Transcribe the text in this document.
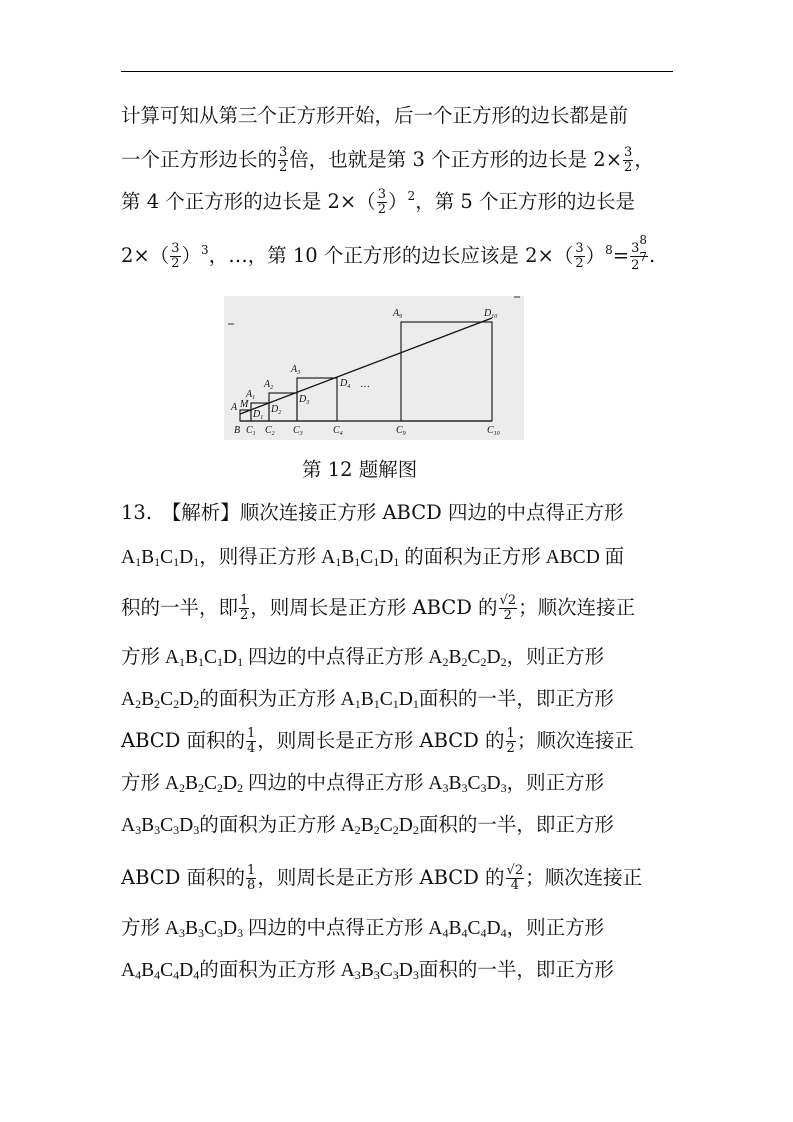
计算可知从第三个正方形开始，后一个正方形的边长都是前
一个正方形边长的 $\frac{3}{2}$ 倍，也就是第 3 个正方形的边长是 $2\times \frac{3}{2}$ ，
第 4 个正方形的边长是 $2\times( \frac{3}{2} )^2$，第 5 个正方形的边长是
$2\times( \frac{3}{2} )^3$，…，第 10 个正方形的边长应该是 $2\times( \frac{3}{2} )^8= \frac{3^8}{2^7}$ .
A M
B
$A_1$
$A_2$
$A_3$
$A_9$
$D_1$
$D_2$
$D_3$
$D_4$ …
$D_{10}$
$C_1$ $C_2$ $C_3$	$C_4$	$C_9$	$C_{10}$
第 12 题解图
13.　【解析】顺次连接正方形 ABCD 四边的中点得正方形
$A_1B_1C_1D_1$，则得正方形 $A_1B_1C_1D_1$ 的面积为正方形 ABCD 面
积的一半，即 $\frac{1}{2}$ ，则周长是正方形 ABCD 的 $\frac{√2}{2}$ ；顺次连接正
方形 $A_1B_1C_1D_1$ 四边的中点得正方形 $A_2B_2C_2D_2$，则正方形
$A_2B_2C_2D_2$的面积为正方形 $A_1B_1C_1D_1$面积的一半，即正方形
ABCD 面积的 $\frac{1}{4}$ ，则周长是正方形 ABCD 的 $\frac{1}{2}$ ；顺次连接正
方形 $A_2B_2C_2D_2$ 四边的中点得正方形 $A_3B_3C_3D_3$，则正方形
$A_3B_3C_3D_3$的面积为正方形 $A_2B_2C_2D_2$面积的一半，即正方形
ABCD 面积的 $\frac{1}{8}$ ，则周长是正方形 ABCD 的 $\frac{√2}{4}$ ；顺次连接正
方形 $A_3B_3C_3D_3$ 四边的中点得正方形 $A_4B_4C_4D_4$，则正方形
$A_4B_4C_4D_4$的面积为正方形 $A_3B_3C_3D_3$面积的一半，即正方形
